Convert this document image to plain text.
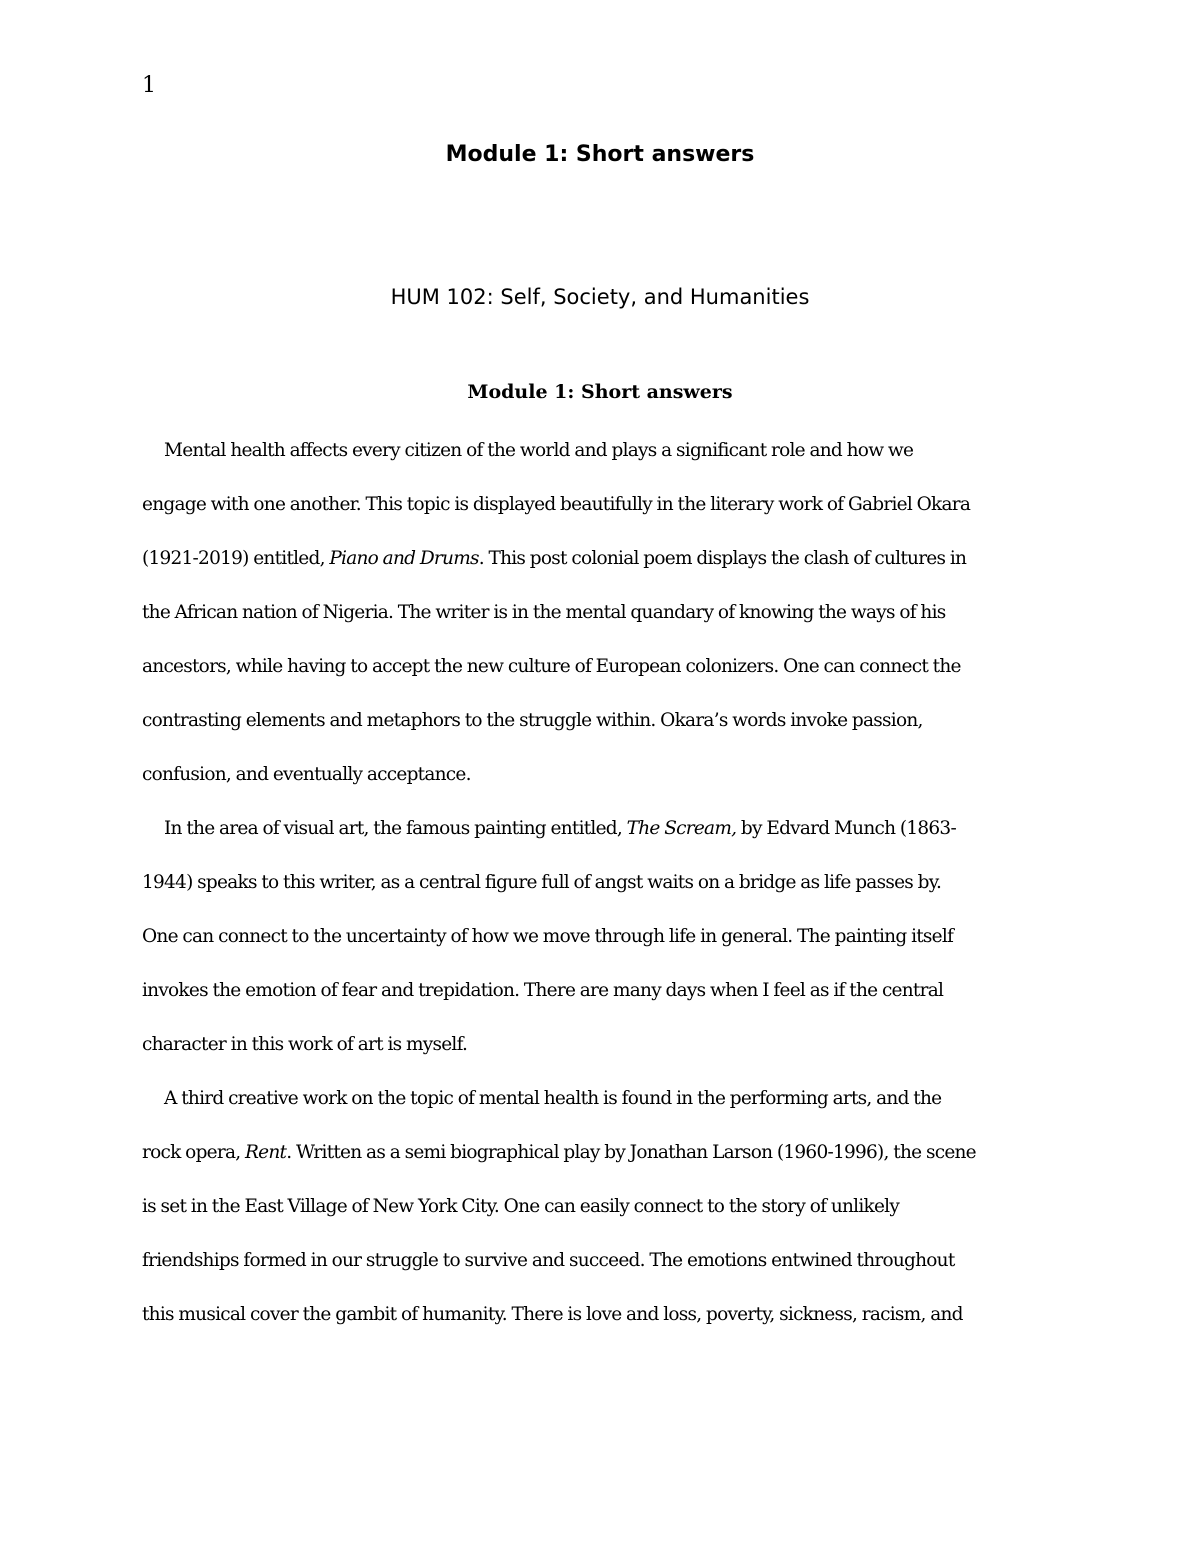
1
Module 1: Short answers
HUM 102: Self, Society, and Humanities
Module 1: Short answers
Mental health affects every citizen of the world and plays a significant role and how we
engage with one another. This topic is displayed beautifully in the literary work of Gabriel Okara
(1921-2019) entitled, Piano and Drums. This post colonial poem displays the clash of cultures in
the African nation of Nigeria. The writer is in the mental quandary of knowing the ways of his
ancestors, while having to accept the new culture of European colonizers. One can connect the
contrasting elements and metaphors to the struggle within. Okara’s words invoke passion,
confusion, and eventually acceptance.
In the area of visual art, the famous painting entitled, The Scream, by Edvard Munch (1863-
1944) speaks to this writer, as a central figure full of angst waits on a bridge as life passes by.
One can connect to the uncertainty of how we move through life in general. The painting itself
invokes the emotion of fear and trepidation. There are many days when I feel as if the central
character in this work of art is myself.
A third creative work on the topic of mental health is found in the performing arts, and the
rock opera, Rent. Written as a semi biographical play by Jonathan Larson (1960-1996), the scene
is set in the East Village of New York City. One can easily connect to the story of unlikely
friendships formed in our struggle to survive and succeed. The emotions entwined throughout
this musical cover the gambit of humanity. There is love and loss, poverty, sickness, racism, and
